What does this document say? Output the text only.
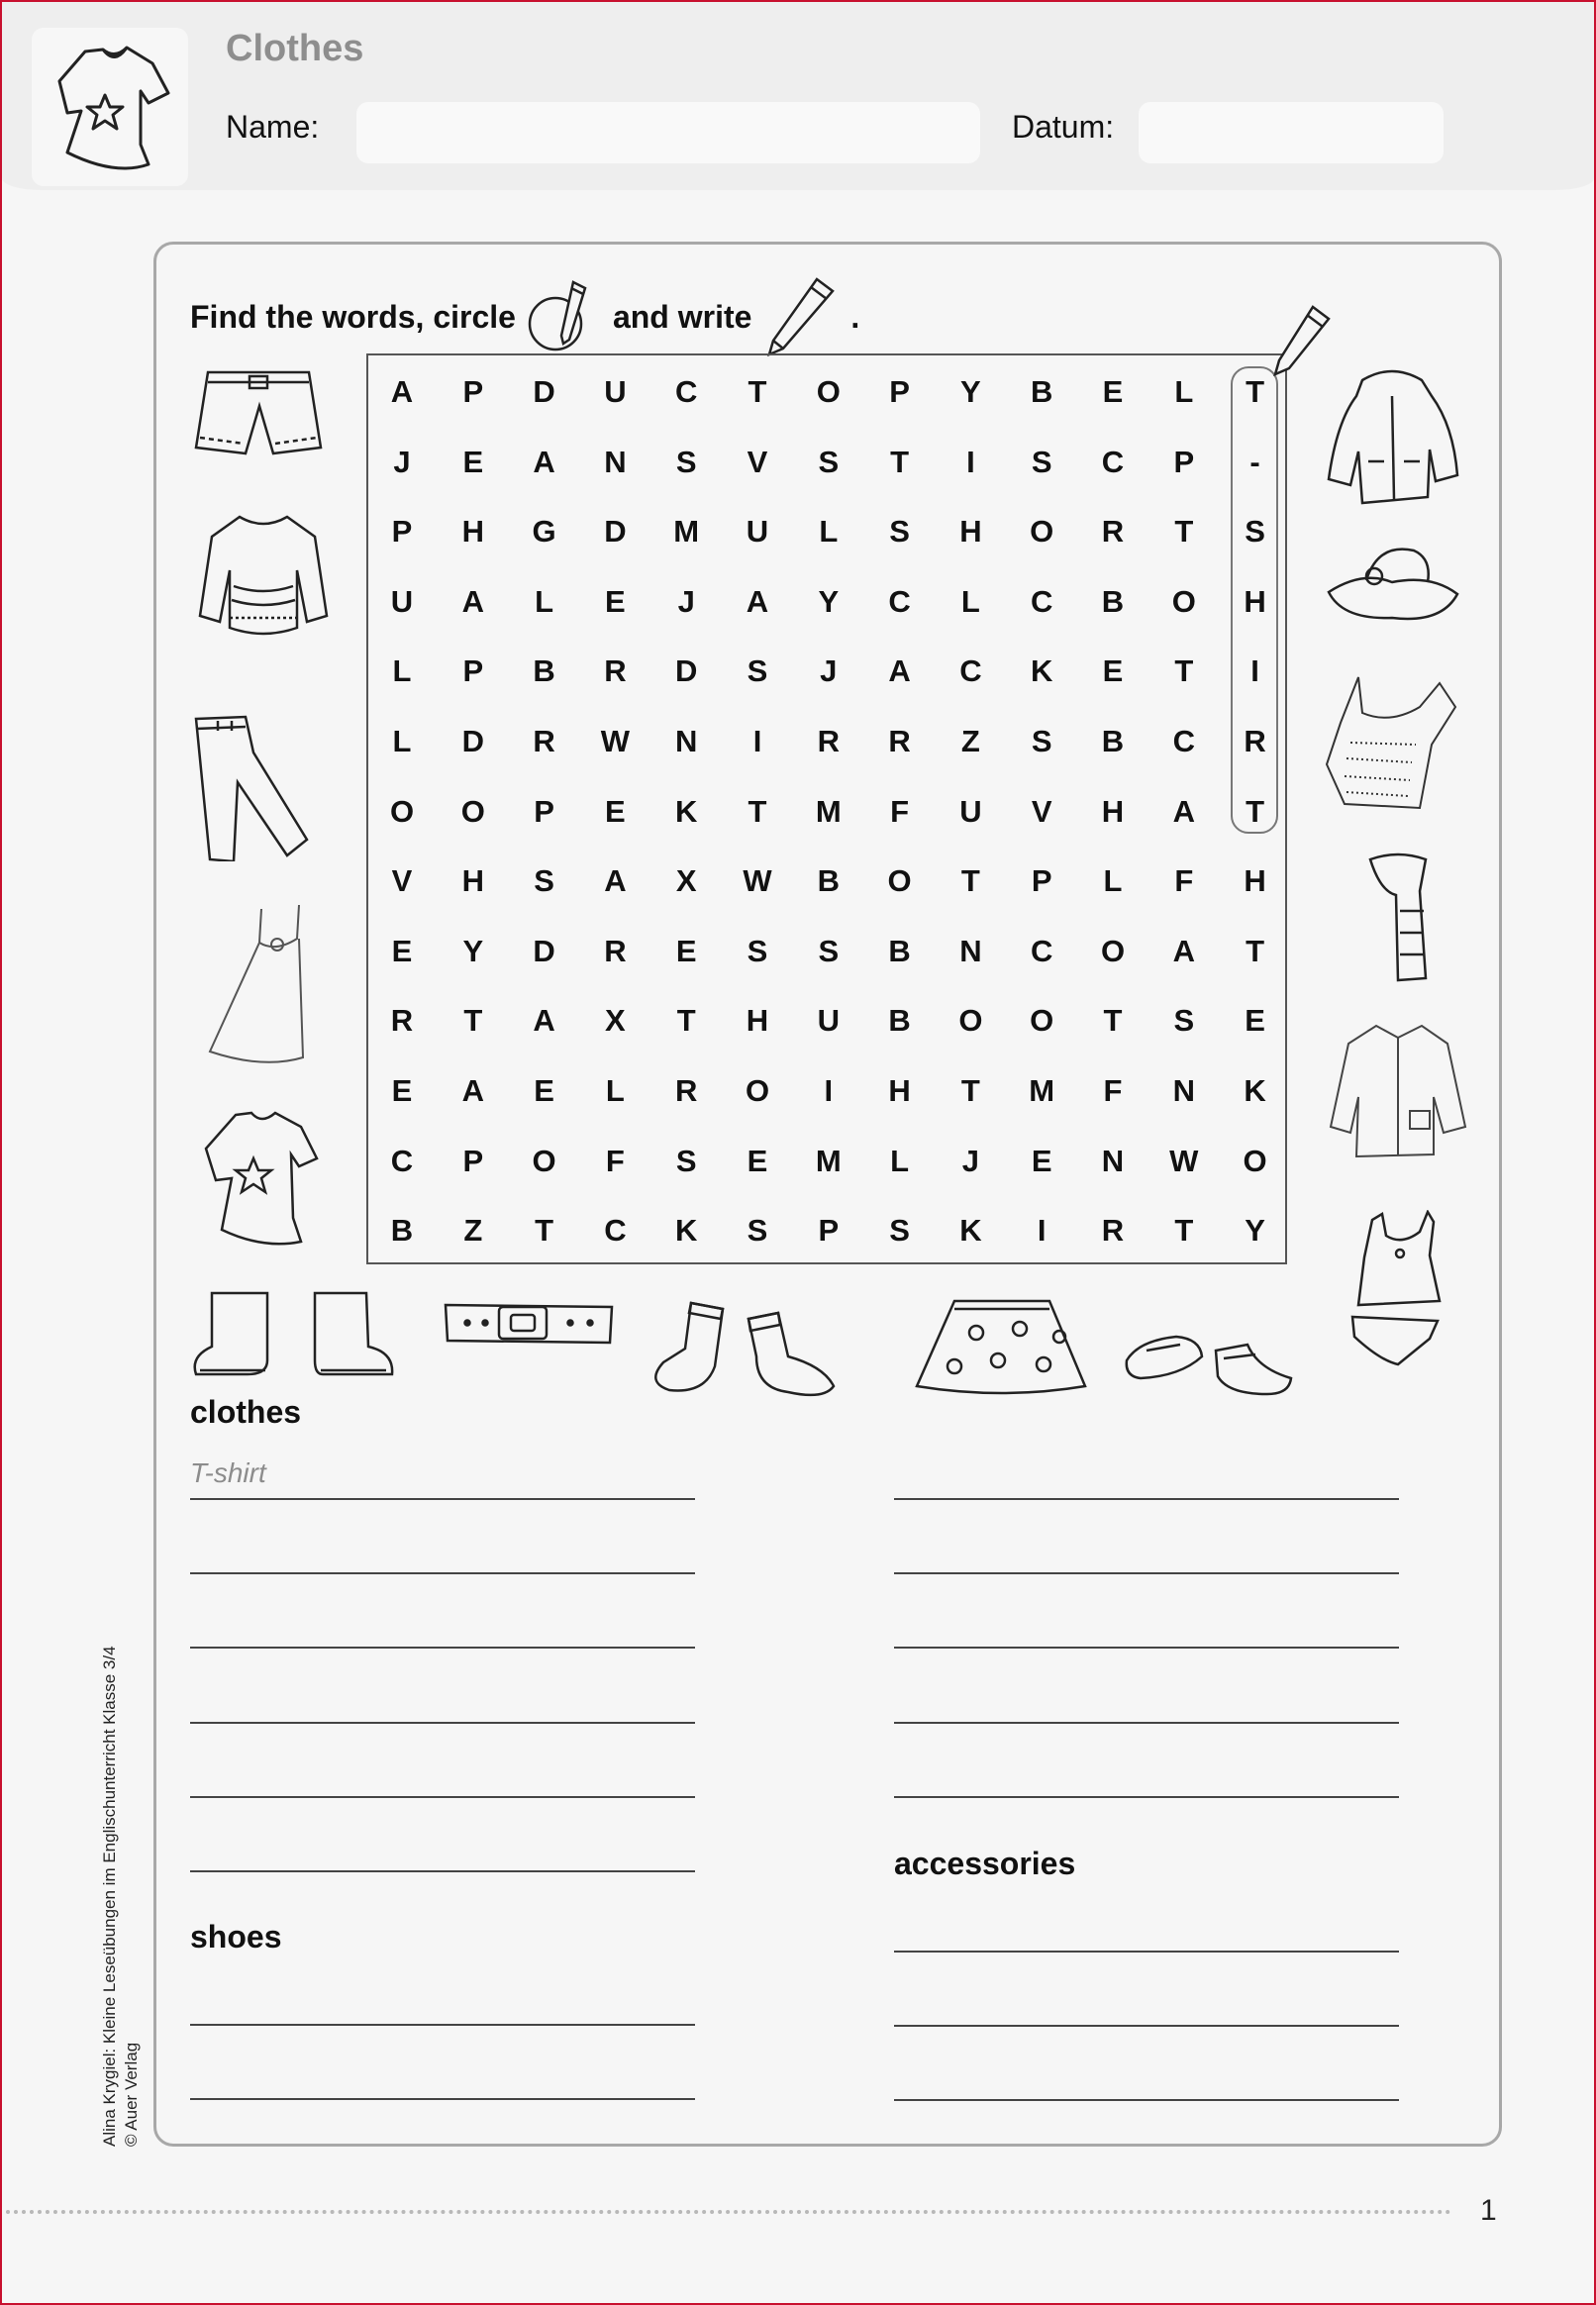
Clothes
Name:	Datum:
Find the words, circle	and write	.
A	P	D	U	C	T	O	P	Y	B	E	L	T
J	E	A	N	S	V	S	T	I	S	C	P	-
P	H	G	D	M	U	L	S	H	O	R	T	S
U	A	L	E	J	A	Y	C	L	C	B	O	H
L	P	B	R	D	S	J	A	C	K	E	T	I
L	D	R	W	N	I	R	R	Z	S	B	C	R
O	O	P	E	K	T	M	F	U	V	H	A	T
V	H	S	A	X	W	B	O	T	P	L	F	H
E	Y	D	R	E	S	S	B	N	C	O	A	T
R	T	A	X	T	H	U	B	O	O	T	S	E
E	A	E	L	R	O	I	H	T	M	F	N	K
C	P	O	F	S	E	M	L	J	E	N	W	O
B	Z	T	C	K	S	P	S	K	I	R	T	Y
clothes
T-shirt
shoes
accessories
Alina Krygiel: Kleine Leseübungen im Englischunterricht Klasse 3/4 © Auer Verlag
1
